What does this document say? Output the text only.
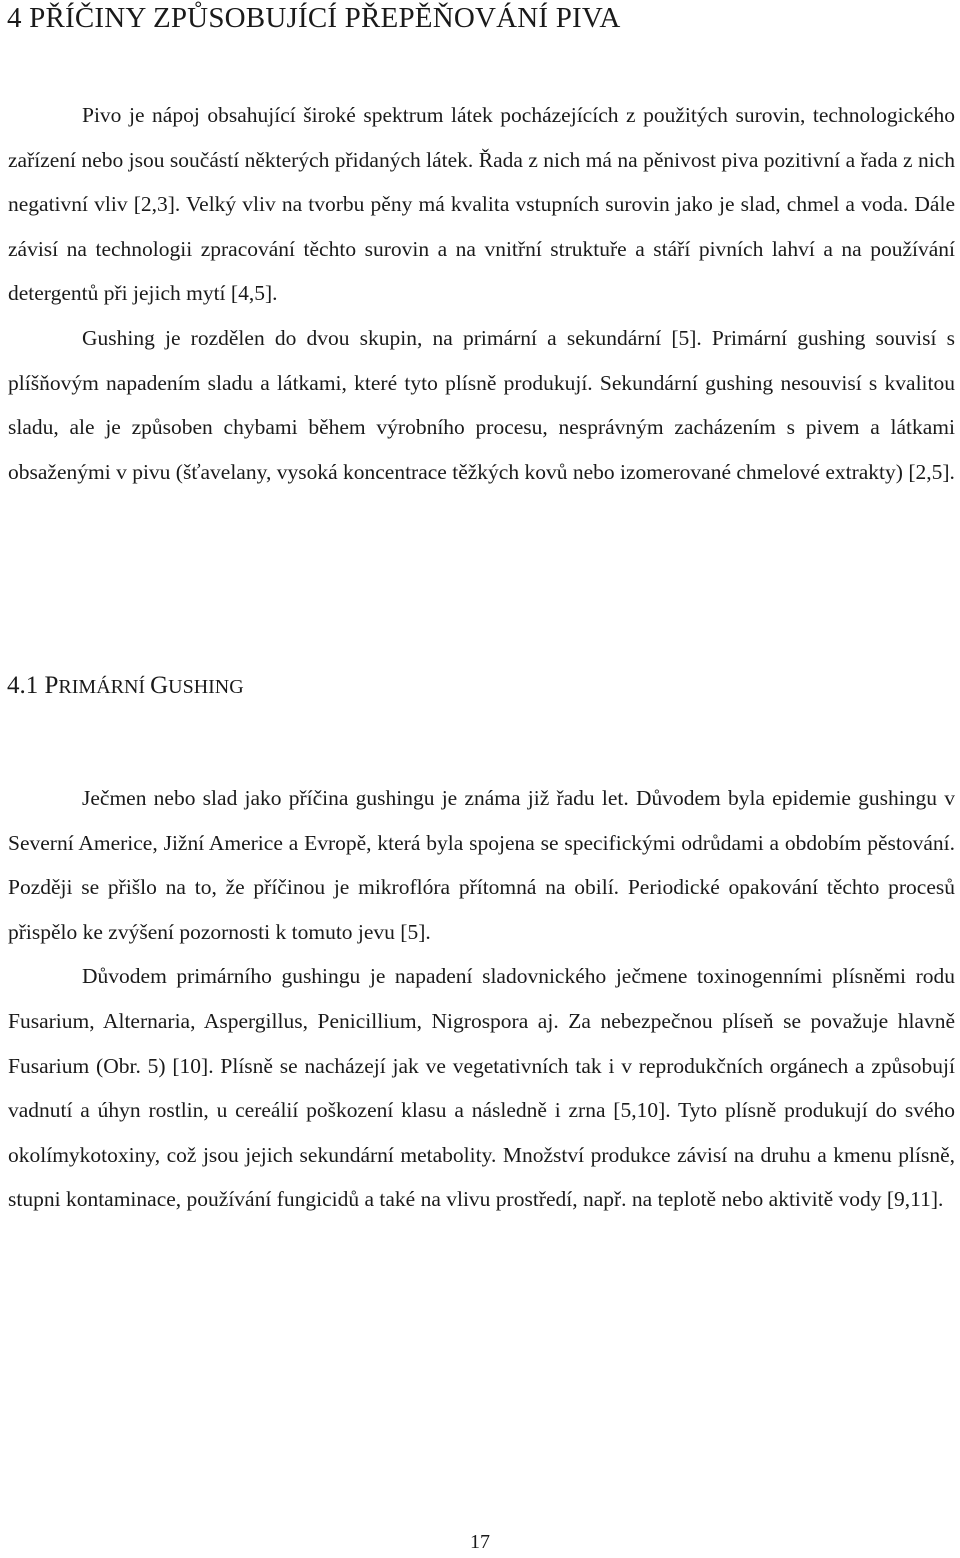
4 PŘÍČINY ZPŮSOBUJÍCÍ PŘEPĚŇOVÁNÍ PIVA

Pivo je nápoj obsahující široké spektrum látek pocházejících z použitých surovin, technologického zařízení nebo jsou součástí některých přidaných látek. Řada z nich má na pěnivost piva pozitivní a řada z nich negativní vliv [2,3]. Velký vliv na tvorbu pěny má kvalita vstupních surovin jako je slad, chmel a voda. Dále závisí na technologii zpracování těchto surovin a na vnitřní struktuře a stáří pivních lahví a na používání detergentů při jejich mytí [4,5].

Gushing je rozdělen do dvou skupin, na primární a sekundární [5]. Primární gushing souvisí s plíšňovým napadením sladu a látkami, které tyto plísně produkují. Sekundární gushing nesouvisí s kvalitou sladu, ale je způsoben chybami během výrobního procesu, nesprávným zacházením s pivem a látkami obsaženými v pivu (šťavelany, vysoká koncentrace těžkých kovů nebo izomerované chmelové extrakty) [2,5].

4.1 PRIMÁRNÍ GUSHING

Ječmen nebo slad jako příčina gushingu je známa již řadu let. Důvodem byla epidemie gushingu v Severní Americe, Jižní Americe a Evropě, která byla spojena se specifickými odrůdami a obdobím pěstování. Později se přišlo na to, že příčinou je mikroflóra přítomná na obilí. Periodické opakování těchto procesů přispělo ke zvýšení pozornosti k tomuto jevu [5].

Důvodem primárního gushingu je napadení sladovnického ječmene toxinogenními plísněmi rodu Fusarium, Alternaria, Aspergillus, Penicillium, Nigrospora aj. Za nebezpečnou plíseň se považuje hlavně Fusarium (Obr. 5) [10]. Plísně se nacházejí jak ve vegetativních tak i v reprodukčních orgánech a způsobují vadnutí a úhyn rostlin, u cereálií poškození klasu a následně i zrna [5,10]. Tyto plísně produkují do svého okolímykotoxiny, což jsou jejich sekundární metabolity. Množství produkce závisí na druhu a kmenu plísně, stupni kontaminace, používání fungicidů a také na vlivu prostředí, např. na teplotě nebo aktivitě vody [9,11].

17
